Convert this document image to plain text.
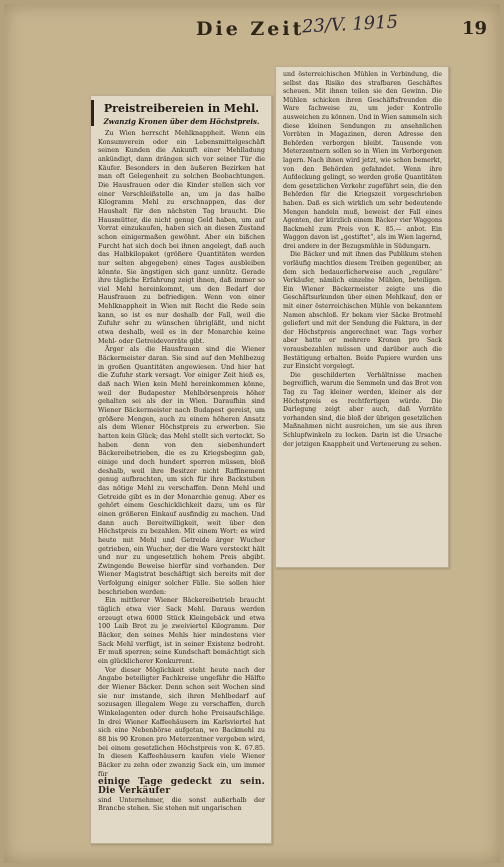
Die Zeit
23/V. 1915	19
Preistreibereien in Mehl.
Zwanzig Kronen über dem Höchstpreis.

Zu Wien herrscht Mehlknappheit. Wenn ein Konsumverein oder ein Lebensmittelgeschäft seinen Kunden die Ankunft einer Mehlladung ankündigt, dann drängen sich vor seiner Tür die Käufer. Besonders in den äußeren Bezirken hat man oft Gelegenheit zu solchen Beobachtungen. Die Hausfrauen oder die Kinder stellen sich vor einer Verschleißstelle an, um ja das halbe Kilogramm Mehl zu erschnappen, das der Haushalt für den nächsten Tag braucht. Die Hausmütter, die nicht genug Geld haben, um auf Vorrat einzukaufen, haben sich an diesen Zustand schon einigermaßen gewöhnt. Aber ein bißchen Furcht hat sich doch bei ihnen angelegt, daß auch das Halbkilopaket (größere Quantitäten werden nur selten abgegeben) eines Tages ausbleiben könnte. Sie ängstigen sich ganz unnütz. Gerade ihre tägliche Erfahrung zeigt ihnen, daß immer so viel Mehl hereinkommt, um den Bedarf der Hausfrauen zu befriedigen. Wenn von einer Mehlknappheit in Wien mit Recht die Rede sein kann, so ist es nur deshalb der Fall, weil die Zufuhr sehr zu wünschen übrigläßt, und nicht etwa deshalb, weil es in der Monarchie keine Mehl- oder Getreidevorräte gibt.

Ärger als die Hausfrauen sind die Wiener Bäckermeister daran. Sie sind auf den Mehlbezug in großen Quantitäten angewiesen. Und hier hat die Zufuhr stark versagt. Vor einiger Zeit hieß es, daß nach Wien kein Mehl hereinkommen könne, weil der Budapester Mehlbörsenpreis höher gehalten sei als der in Wien. Daraufhin sind Wiener Bäckermeister nach Budapest gereist, um größere Mengen, auch zu einem höheren Ansatz als dem Wiener Höchstpreis zu erwerben. Sie hatten kein Glück; das Mehl stellt sich verteckt. So haben denn von den siebenhundert Bäckereibetrieben, die es zu Kriegsbeginn gab, einige und doch hundert sperren müssen, bloß deshalb, weil ihre Besitzer nicht Raffinement genug aufbrachten, um sich für ihre Backstuben das nötige Mehl zu verschaffen. Denn Mehl und Getreide gibt es in der Monarchie genug. Aber es gehört einem Geschicklichkeit dazu, um es für einen größeren Einkauf ausfindig zu machen. Und dann auch Bereitwilligkeit, weit über den Höchstpreis zu bezahlen. Mit einem Wort: es wird heute mit Mehl und Getreide ärger Wucher getrieben, ein Wucher, der die Ware versteckt hält und nur zu ungesetzlich hohem Preis abgibt. Zwingende Beweise hierfür sind vorhanden. Der Wiener Magistrat beschäftigt sich bereits mit der Verfolgung einiger solcher Fälle. Sie sollen hier beschrieben werden:

Ein mittlerer Wiener Bäckereibetrieb braucht täglich etwa vier Sack Mehl. Daraus werden erzeugt etwa 6000 Stück Kleingebäck und etwa 100 Laib Brot zu je zweiviertel Kilogramm. Der Bäcker, den seines Mehls hier mindestens vier Sack Mehl verfügt, ist in seiner Existenz bedroht. Er muß sperren; seine Kundschaft bemächtigt sich ein glücklicherer Konkurrent.

Vor dieser Möglichkeit steht heute nach der Angabe beteiligter Fachkreise ungefähr die Hälfte der Wiener Bäcker. Denn schon seit Wochen sind sie nur imstande, sich ihren Mehlbedarf auf sozusagen illegalem Wege zu verschaffen, durch Winkelagenten oder durch hohe Preisaufschläge. In drei Wiener Kaffeehäusern im Karlsviertel hat sich eine Nebenbörse aufgetan, wo Backmehl zu 88 bis 90 Kronen pro Meterzentner vergeben wird, bei einem gesetzlichen Höchstpreis von K. 67.85. In diesen Kaffeehäusern kaufen viele Wiener Bäcker zu zehn oder zwanzig Sack ein, um immer für

einige Tage gedeckt zu sein. Die Verkäufer

sind Unternehmer, die sonst außerhalb der Branche stehen. Sie stehen mit ungarischen

und österreichischen Mühlen in Verbindung, die selbst das Risiko des strafbaren Geschäftes scheuen. Mit ihnen teilen sie den Gewinn. Die Mühlen schicken ihren Geschäftsfreunden die Ware fachweise zu, um jeder Kontrolle ausweichen zu können. Und in Wien sammeln sich diese kleinen Sendungen zu ansehnlichen Vorräten in Magazinen, deren Adresse den Behörden verborgen bleibt. Tausende von Meterzentnern sollen so in Wien im Verborgenen lagern. Nach ihnen wird jetzt, wie schon bemerkt, von den Behörden gefahndet. Wenn ihre Aufdeckung gelingt, so werden große Quantitäten dem gesetzlichen Verkehr zugeführt sein, die den Behörden für die Kriegszeit vorgeschrieben haben. Daß es sich wirklich um sehr bedeutende Mengen handeln muß, beweist der Fall eines Agenten, der kürzlich einem Bäcker vier Waggons Backmehl zum Preis von K. 85.— anbot. Ein Waggon davon ist „gestiftet“, als im Wien lagernd, drei andere in der Bezugsmühle in Südungarn.

Die Bäcker und mit ihnen das Publikum stehen vorläufig machtlos diesem Treiben gegenüber, an dem sich bedauerlicherweise auch „reguläre“ Verkäufer, nämlich einzelne Mühlen, beteiligen. Ein Wiener Bäckermeister zeigte uns die Geschäftsurkunden über einen Mehlkauf, den er mit einer österreichischen Mühle von bekanntem Namen abschloß. Er bekam vier Säcke Brotmehl geliefert und mit der Sendung die Faktura, in der der Höchstpreis angerechnet war. Tags vorher aber hatte er mehrere Kronen pro Sack vorausbezahlen müssen und darüber auch die Bestätigung erhalten. Beide Papiere wurden uns zur Einsicht vorgelegt.

Die geschilderten Verhältnisse machen begreiflich, warum die Semmeln und das Brot von Tag zu Tag kleiner werden, kleiner als der Höchstpreis es rechtfertigen würde. Die Darlegung zeigt aber auch, daß Vorräte vorhanden sind, die bloß der übrigen gesetzlichen Maßnahmen nicht ausreichen, um sie aus ihren Schlupfwinkeln zu locken. Darin ist die Ursache der jetzigen Knappheit und Verteuerung zu sehen.
